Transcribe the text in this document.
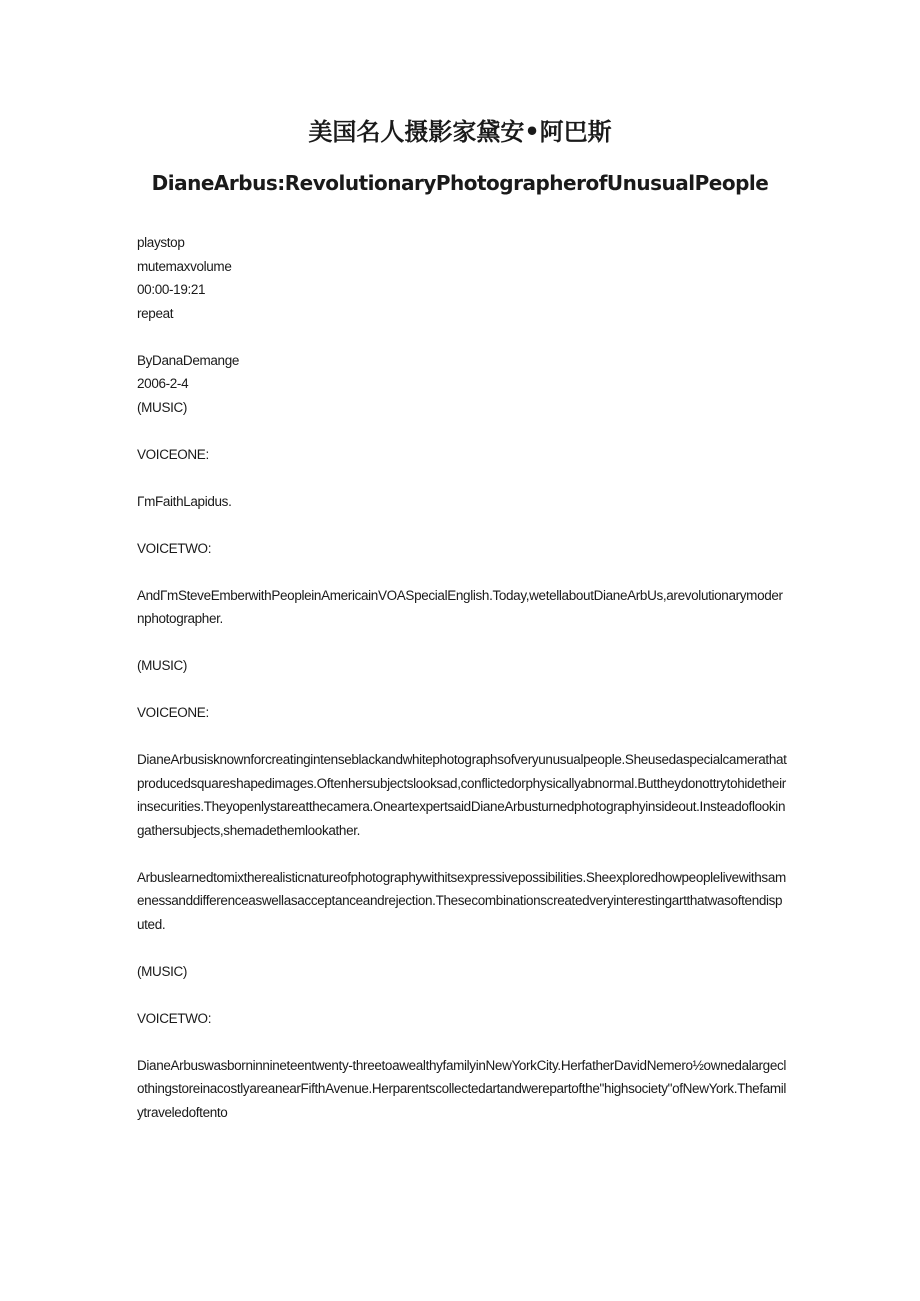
美国名人摄影家黛安•阿巴斯
DianeArbus:RevolutionaryPhotographerofUnusualPeople
playstop
mutemaxvolume
00:00-19:21
repeat
ByDanaDemange
2006-2-4

(MUSIC)

VOICEONE:

ΓmFaithLapidus.

VOICETWO:

AndΓmSteveEmberwithPeopleinAmericainVOASpecialEnglish.Today,wetellaboutDianeArbUs,arevolutionarymodernphotographer.

(MUSIC)

VOICEONE:

DianeArbusisknownforcreatingintenseblackandwhitephotographsofveryunusualpeople.Sheusedaspecialcamerathatproducedsquareshapedimages.Oftenhersubjectslooksad,conflictedorphysicallyabnormal.Buttheydonottrytohidetheirinsecurities.Theyopenlystareatthecamera.OneartexpertsaidDianeArbusturnedphotographyinsideout.Insteadoflookingathersubjects,shemadethemlookather.

Arbuslearnedtomixtherealisticnatureofphotographywithitsexpressivepossibilities.Sheexploredhowpeoplelivewithsamenessanddifferenceaswellasacceptanceandrejection.Thesecombinationscreatedveryinterestingartthatwasoftendisputed.

(MUSIC)

VOICETWO:

DianeArbuswasborninnineteentwenty-threetoawealthyfamilyinNewYorkCity.HerfatherDavidNemero½ownedalargeclothingstoreinacostlyareanearFifthAvenue.Herparentscollectedartandwerepartofthe"highsociety"ofNewYork.Thefamilytraveledoftento
